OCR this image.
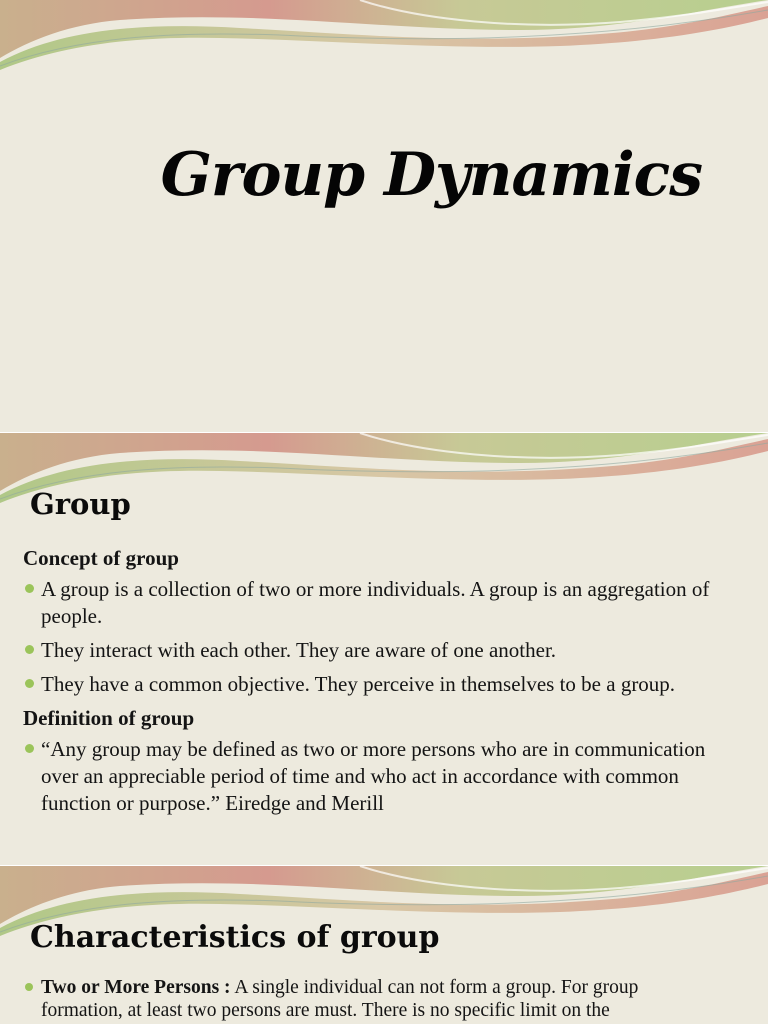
Group Dynamics
Group
Concept of group
A group is a collection of two or more individuals. A group is an aggregation of people.
They interact with each other. They are aware of one another.
They have a common objective. They perceive in themselves to be a group.
Definition of group
“Any group may be defined as two or more persons who are in communication over an appreciable period of time and who act in accordance with common function or purpose.” Eiredge and Merill
Characteristics of group
Two or More Persons : A single individual can not form a group. For group formation, at least two persons are must. There is no specific limit on the
